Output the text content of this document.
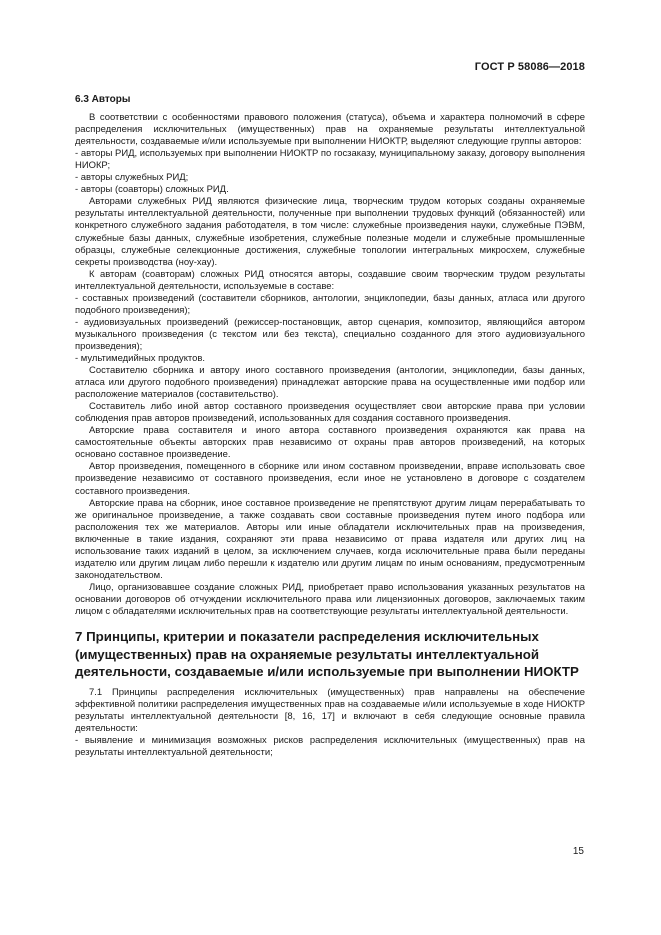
ГОСТ Р 58086—2018
6.3 Авторы

В соответствии с особенностями правового положения (статуса), объема и характера полномочий в сфере распределения исключительных (имущественных) прав на охраняемые результаты интеллектуальной деятельности, создаваемые и/или используемые при выполнении НИОКТР, выделяют следующие группы авторов:

- авторы РИД, используемых при выполнении НИОКТР по госзаказу, муниципальному заказу, договору выполнения НИОКР;

- авторы служебных РИД;

- авторы (соавторы) сложных РИД.

Авторами служебных РИД являются физические лица, творческим трудом которых созданы охраняемые результаты интеллектуальной деятельности, полученные при выполнении трудовых функций (обязанностей) или конкретного служебного задания работодателя, в том числе: служебные произведения науки, служебные ПЭВМ, служебные базы данных, служебные изобретения, служебные полезные модели и служебные промышленные образцы, служебные селекционные достижения, служебные топологии интегральных микросхем, служебные секреты производства (ноу-хау).

К авторам (соавторам) сложных РИД относятся авторы, создавшие своим творческим трудом результаты интеллектуальной деятельности, используемые в составе:

- составных произведений (составители сборников, антологии, энциклопедии, базы данных, атласа или другого подобного произведения);

- аудиовизуальных произведений (режиссер-постановщик, автор сценария, композитор, являющийся автором музыкального произведения (с текстом или без текста), специально созданного для этого аудиовизуального произведения);

- мультимедийных продуктов.

Составителю сборника и автору иного составного произведения (антологии, энциклопедии, базы данных, атласа или другого подобного произведения) принадлежат авторские права на осуществленные ими подбор или расположение материалов (составительство).

Составитель либо иной автор составного произведения осуществляет свои авторские права при условии соблюдения прав авторов произведений, использованных для создания составного произведения.

Авторские права составителя и иного автора составного произведения охраняются как права на самостоятельные объекты авторских прав независимо от охраны прав авторов произведений, на которых основано составное произведение.

Автор произведения, помещенного в сборнике или ином составном произведении, вправе использовать свое произведение независимо от составного произведения, если иное не установлено в договоре с создателем составного произведения.

Авторские права на сборник, иное составное произведение не препятствуют другим лицам перерабатывать то же оригинальное произведение, а также создавать свои составные произведения путем иного подбора или расположения тех же материалов. Авторы или иные обладатели исключительных прав на произведения, включенные в такие издания, сохраняют эти права независимо от права издателя или других лиц на использование таких изданий в целом, за исключением случаев, когда исключительные права были переданы издателю или другим лицам либо перешли к издателю или другим лицам по иным основаниям, предусмотренным законодательством.

Лицо, организовавшее создание сложных РИД, приобретает право использования указанных результатов на основании договоров об отчуждении исключительного права или лицензионных договоров, заключаемых таким лицом с обладателями исключительных прав на соответствующие результаты интеллектуальной деятельности.

7 Принципы, критерии и показатели распределения исключительных (имущественных) прав на охраняемые результаты интеллектуальной деятельности, создаваемые и/или используемые при выполнении НИОКТР

7.1 Принципы распределения исключительных (имущественных) прав направлены на обеспечение эффективной политики распределения имущественных прав на создаваемые и/или используемые в ходе НИОКТР результаты интеллектуальной деятельности [8, 16, 17] и включают в себя следующие основные правила деятельности:

- выявление и минимизация возможных рисков распределения исключительных (имущественных) прав на результаты интеллектуальной деятельности;

15
